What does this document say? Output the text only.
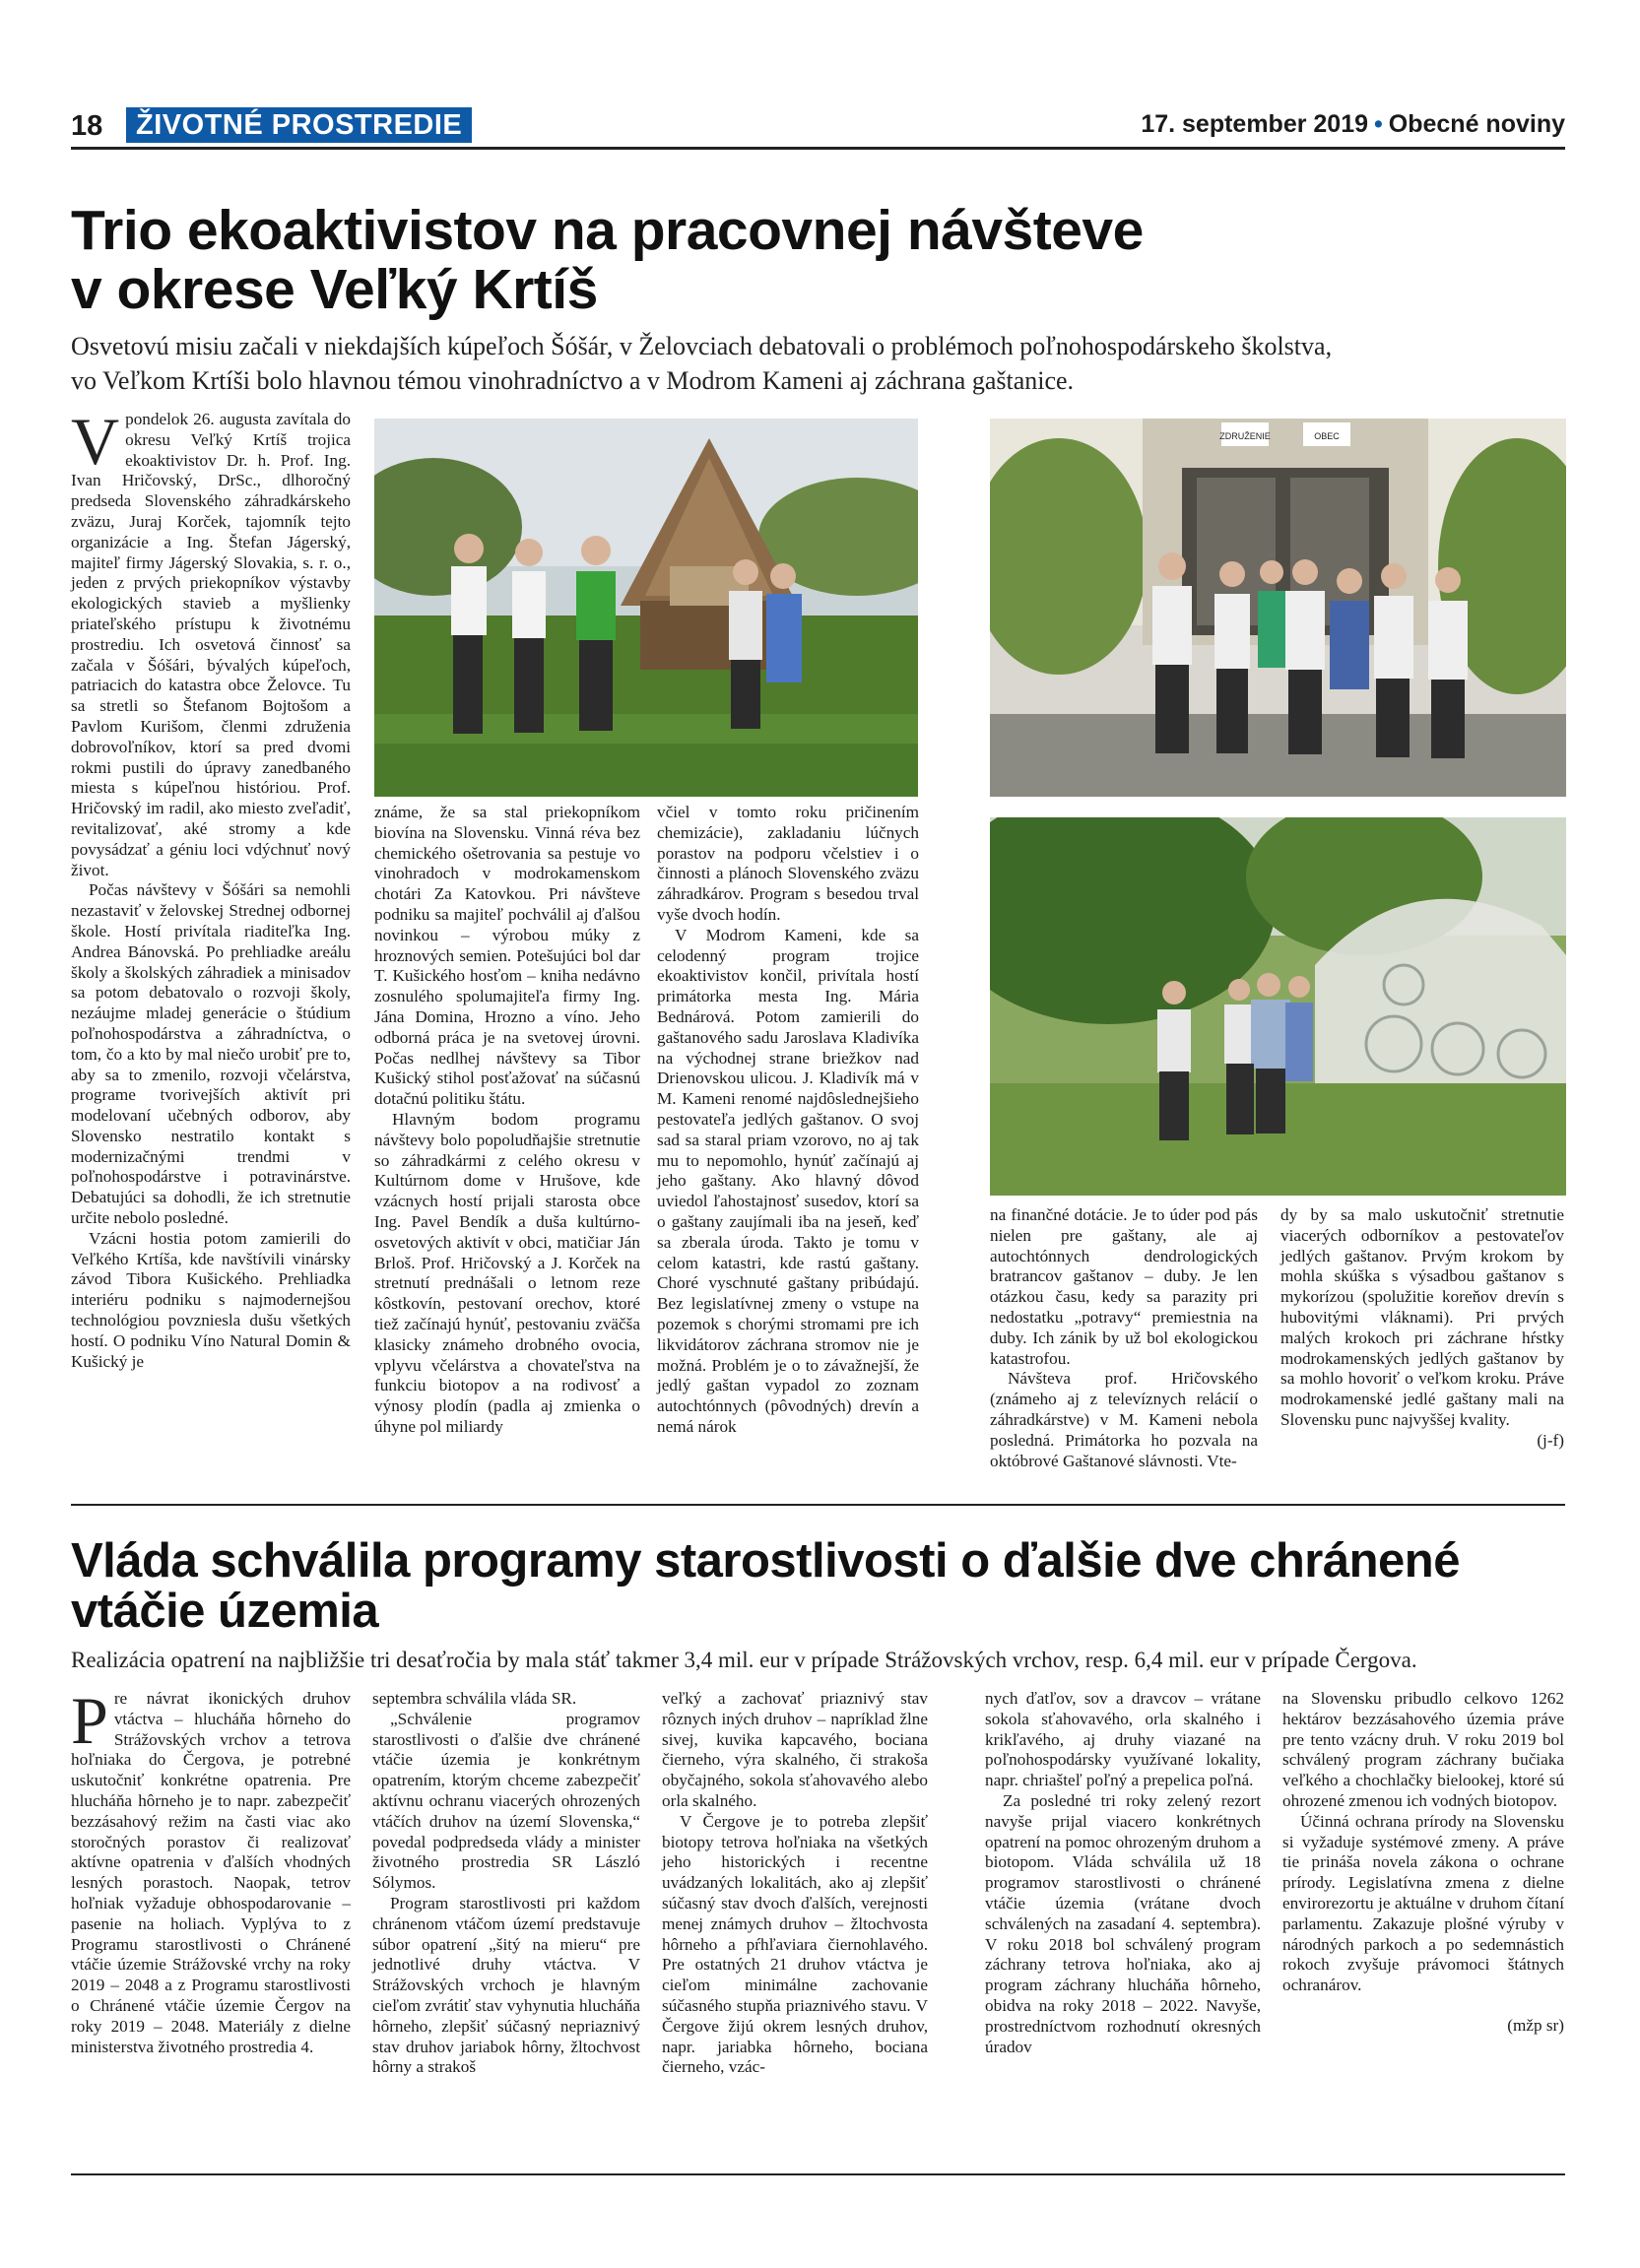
18	ŽIVOTNÉ PROSTREDIE	17. september 2019 • Obecné noviny
Trio ekoaktivistov na pracovnej návšteve
v okrese Veľký Krtíš
Osvetovú misiu začali v niekdajších kúpeľoch Šóšár, v Želovciach debatovali o problémoch poľnohospodárskeho školstva,
vo Veľkom Krtíši bolo hlavnou témou vinohradníctvo a v Modrom Kameni aj záchrana gaštanice.

Vpondelok 26. augusta zavítala do okresu Veľký Krtíš trojica ekoaktivistov Dr. h. Prof. Ing. Ivan Hričovský, DrSc., dlhoročný predseda Slovenského záhradkárskeho zväzu, Juraj Korček, tajomník tejto organizácie a Ing. Štefan Jágerský, majiteľ firmy Jágerský Slovakia, s. r. o., jeden z prvých priekopníkov výstavby ekologických stavieb a myšlienky priateľského prístupu k životnému prostrediu. Ich osvetová činnosť sa začala v Šóšári, bývalých kúpeľoch, patriacich do katastra obce Želovce. Tu sa stretli so Štefanom Bojtošom a Pavlom Kurišom, členmi združenia dobrovoľníkov, ktorí sa pred dvomi rokmi pustili do úpravy zanedbaného miesta s kúpeľnou históriou. Prof. Hričovský im radil, ako miesto zveľadiť, revitalizovať, aké stromy a kde povysádzať a géniu loci vdýchnuť nový život.

Počas návštevy v Šóšári sa nemohli nezastaviť v želovskej Strednej odbornej škole. Hostí privítala riaditeľka Ing. Andrea Bánovská. Po prehliadke areálu školy a školských záhradiek a minisadov sa potom debatovalo o rozvoji školy, nezáujme mladej generácie o štúdium poľnohospodárstva a záhradníctva, o tom, čo a kto by mal niečo urobiť pre to, aby sa to zmenilo, rozvoji včelárstva, programe tvorivejších aktivít pri modelovaní učebných odborov, aby Slovensko nestratilo kontakt s modernizačnými trendmi v poľnohospodárstve i potravinárstve. Debatujúci sa dohodli, že ich stretnutie určite nebolo posledné.

Vzácni hostia potom zamierili do Veľkého Krtíša, kde navštívili vinársky závod Tibora Kušického. Prehliadka interiéru podniku s najmodernejšou technológiou povzniesla dušu všetkých hostí. O podniku Víno Natural Domin & Kušický je

ZDRUŽENIE	OBEC

známe, že sa stal priekopníkom biovína na Slovensku. Vinná réva bez chemického ošetrovania sa pestuje vo vinohradoch v modrokamenskom chotári Za Katovkou. Pri návšteve podniku sa majiteľ pochválil aj ďalšou novinkou – výrobou múky z hroznových semien. Potešujúci bol dar T. Kušického hosťom – kniha nedávno zosnulého spolumajiteľa firmy Ing. Jána Domina, Hrozno a víno. Jeho odborná práca je na svetovej úrovni. Počas nedlhej návštevy sa Tibor Kušický stihol posťažovať na súčasnú dotačnú politiku štátu.

Hlavným bodom programu návštevy bolo popoludňajšie stretnutie so záhradkármi z celého okresu v Kultúrnom dome v Hrušove, kde vzácnych hostí prijali starosta obce Ing. Pavel Bendík a duša kultúrno-osvetových aktivít v obci, matičiar Ján Brloš. Prof. Hričovský a J. Korček na stretnutí prednášali o letnom reze kôstkovín, pestovaní orechov, ktoré tiež začínajú hynúť, pestovaniu zväčša klasicky známeho drobného ovocia, vplyvu včelárstva a chovateľstva na funkciu biotopov a na rodivosť a výnosy plodín (padla aj zmienka o úhyne pol miliardy

včiel v tomto roku pričinením chemizácie), zakladaniu lúčnych porastov na podporu včelstiev i o činnosti a plánoch Slovenského zväzu záhradkárov. Program s besedou trval vyše dvoch hodín.

V Modrom Kameni, kde sa celodenný program trojice ekoaktivistov končil, privítala hostí primátorka mesta Ing. Mária Bednárová. Potom zamierili do gaštanového sadu Jaroslava Kladivíka na východnej strane briežkov nad Drienovskou ulicou. J. Kladivík má v M. Kameni renomé najdôslednejšieho pestovateľa jedlých gaštanov. O svoj sad sa staral priam vzorovo, no aj tak mu to nepomohlo, hynúť začínajú aj jeho gaštany. Ako hlavný dôvod uviedol ľahostajnosť susedov, ktorí sa o gaštany zaujímali iba na jeseň, keď sa zberala úroda. Takto je tomu v celom katastri, kde rastú gaštany. Choré vyschnuté gaštany pribúdajú. Bez legislatívnej zmeny o vstupe na pozemok s chorými stromami pre ich likvidátorov záchrana stromov nie je možná. Problém je o to závažnejší, že jedlý gaštan vypadol zo zoznam autochtónnych (pôvodných) drevín a nemá nárok

na finančné dotácie. Je to úder pod pás nielen pre gaštany, ale aj autochtónnych dendrologických bratrancov gaštanov – duby. Je len otázkou času, kedy sa parazity pri nedostatku „potravy“ premiestnia na duby. Ich zánik by už bol ekologickou katastrofou.

Návšteva prof. Hričovského (známeho aj z televíznych relácií o záhradkárstve) v M. Kameni nebola posledná. Primátorka ho pozvala na októbrové Gaštanové slávnosti. Vte-

dy by sa malo uskutočniť stretnutie viacerých odborníkov a pestovateľov jedlých gaštanov. Prvým krokom by mohla skúška s výsadbou gaštanov s mykorízou (spolužitie koreňov drevín s hubovitými vláknami). Pri prvých malých krokoch pri záchrane hŕstky modrokamenských jedlých gaštanov by sa mohlo hovoriť o veľkom kroku. Práve modrokamenské jedlé gaštany mali na Slovensku punc najvyššej kvality.

(j-f)

Vláda schválila programy starostlivosti o ďalšie dve chránené
vtáčie územia
Realizácia opatrení na najbližšie tri desaťročia by mala stáť takmer 3,4 mil. eur v prípade Strážovských vrchov, resp. 6,4 mil. eur v prípade Čergova.

Pre návrat ikonických druhov vtáctva – hlucháňa hôrneho do Strážovských vrchov a tetrova hoľniaka do Čergova, je potrebné uskutočniť konkrétne opatrenia. Pre hlucháňa hôrneho je to napr. zabezpečiť bezzásahový režim na časti viac ako storočných porastov či realizovať aktívne opatrenia v ďalších vhodných lesných porastoch. Naopak, tetrov hoľniak vyžaduje obhospodarovanie – pasenie na holiach. Vyplýva to z Programu starostlivosti o Chránené vtáčie územie Strážovské vrchy na roky 2019 – 2048 a z Programu starostlivosti o Chránené vtáčie územie Čergov na roky 2019 – 2048. Materiály z dielne ministerstva životného prostredia 4.

septembra schválila vláda SR.

„Schválenie programov starostlivosti o ďalšie dve chránené vtáčie územia je konkrétnym opatrením, ktorým chceme zabezpečiť aktívnu ochranu viacerých ohrozených vtáčích druhov na území Slovenska,“ povedal podpredseda vlády a minister životného prostredia SR László Sólymos.

Program starostlivosti pri každom chránenom vtáčom území predstavuje súbor opatrení „šitý na mieru“ pre jednotlivé druhy vtáctva. V Strážovských vrchoch je hlavným cieľom zvrátiť stav vyhynutia hlucháňa hôrneho, zlepšiť súčasný nepriaznivý stav druhov jariabok hôrny, žltochvost hôrny a strakoš

veľký a zachovať priaznivý stav rôznych iných druhov – napríklad žlne sivej, kuvika kapcavého, bociana čierneho, výra skalného, či strakoša obyčajného, sokola sťahovavého alebo orla skalného.

V Čergove je to potreba zlepšiť biotopy tetrova hoľniaka na všetkých jeho historických i recentne uvádzaných lokalitách, ako aj zlepšiť súčasný stav dvoch ďalších, verejnosti menej známych druhov – žltochvosta hôrneho a pŕhľaviara čiernohlavého. Pre ostatných 21 druhov vtáctva je cieľom minimálne zachovanie súčasného stupňa priaznivého stavu. V Čergove žijú okrem lesných druhov, napr. jariabka hôrneho, bociana čierneho, vzác-

nych ďatľov, sov a dravcov – vrátane sokola sťahovavého, orla skalného i krikľavého, aj druhy viazané na poľnohospodársky využívané lokality, napr. chriašteľ poľný a prepelica poľná.

Za posledné tri roky zelený rezort navyše prijal viacero konkrétnych opatrení na pomoc ohrozeným druhom a biotopom. Vláda schválila už 18 programov starostlivosti o chránené vtáčie územia (vrátane dvoch schválených na zasadaní 4. septembra). V roku 2018 bol schválený program záchrany tetrova hoľniaka, ako aj program záchrany hlucháňa hôrneho, obidva na roky 2018 – 2022. Navyše, prostredníctvom rozhodnutí okresných úradov

na Slovensku pribudlo celkovo 1262 hektárov bezzásahového územia práve pre tento vzácny druh. V roku 2019 bol schválený program záchrany bučiaka veľkého a chochlačky bielookej, ktoré sú ohrozené zmenou ich vodných biotopov.

Účinná ochrana prírody na Slovensku si vyžaduje systémové zmeny. A práve tie prináša novela zákona o ochrane prírody. Legislatívna zmena z dielne envirorezortu je aktuálne v druhom čítaní parlamentu. Zakazuje plošné výruby v národných parkoch a po sedemnástich rokoch zvyšuje právomoci štátnych ochranárov.

(mžp sr)
